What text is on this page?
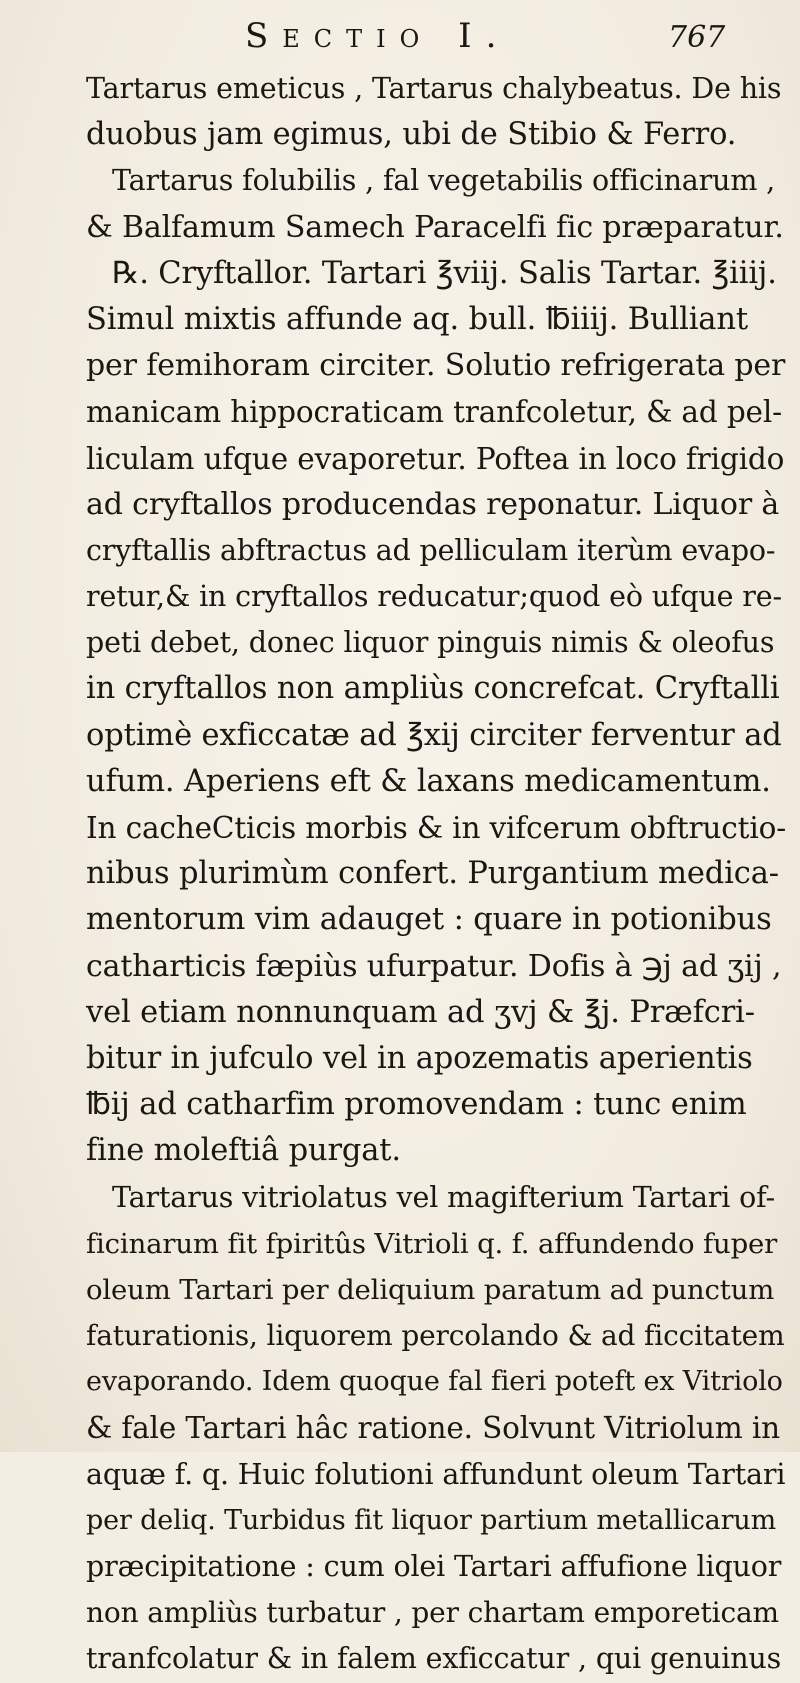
Sectio I.	767
Tartarus emeticus , Tartarus chalybeatus. De his
duobus jam egimus, ubi de Stibio & Ferro.
Tartarus folubilis , fal vegetabilis officinarum ,
& Balfamum Samech Paracelfi fic præparatur.
℞. Cryftallor. Tartari ℥viij. Salis Tartar. ℥iiij.
Simul mixtis affunde aq. bull. ℔iiij. Bulliant
per femihoram circiter. Solutio refrigerata per
manicam hippocraticam tranfcoletur, & ad pel-
liculam ufque evaporetur. Poftea in loco frigido
ad cryftallos producendas reponatur. Liquor à
cryftallis abftractus ad pelliculam iterùm evapo-
retur,& in cryftallos reducatur;quod eò ufque re-
peti debet, donec liquor pinguis nimis & oleofus
in cryftallos non ampliùs concrefcat. Cryftalli
optimè exficcatæ ad ℥xij circiter ferventur ad
ufum. Aperiens eft & laxans medicamentum.
In cacheCticis morbis & in vifcerum obftructio-
nibus plurimùm confert. Purgantium medica-
mentorum vim adauget : quare in potionibus
catharticis fæpiùs ufurpatur. Dofis à ℈j ad ʒij ,
vel etiam nonnunquam ad ʒvj & ℥j. Præfcri-
bitur in jufculo vel in apozematis aperientis
℔ij ad catharfim promovendam : tunc enim
fine moleftiâ purgat.
Tartarus vitriolatus vel magifterium Tartari of-
ficinarum fit fpiritûs Vitrioli q. f. affundendo fuper
oleum Tartari per deliquium paratum ad punctum
faturationis, liquorem percolando & ad ficcitatem
evaporando. Idem quoque fal fieri poteft ex Vitriolo
& fale Tartari hâc ratione. Solvunt Vitriolum in
aquæ f. q. Huic folutioni affundunt oleum Tartari
per deliq. Turbidus fit liquor partium metallicarum
præcipitatione : cum olei Tartari affufione liquor
non ampliùs turbatur , per chartam emporeticam
tranfcolatur & in falem exficcatur , qui genuinus
